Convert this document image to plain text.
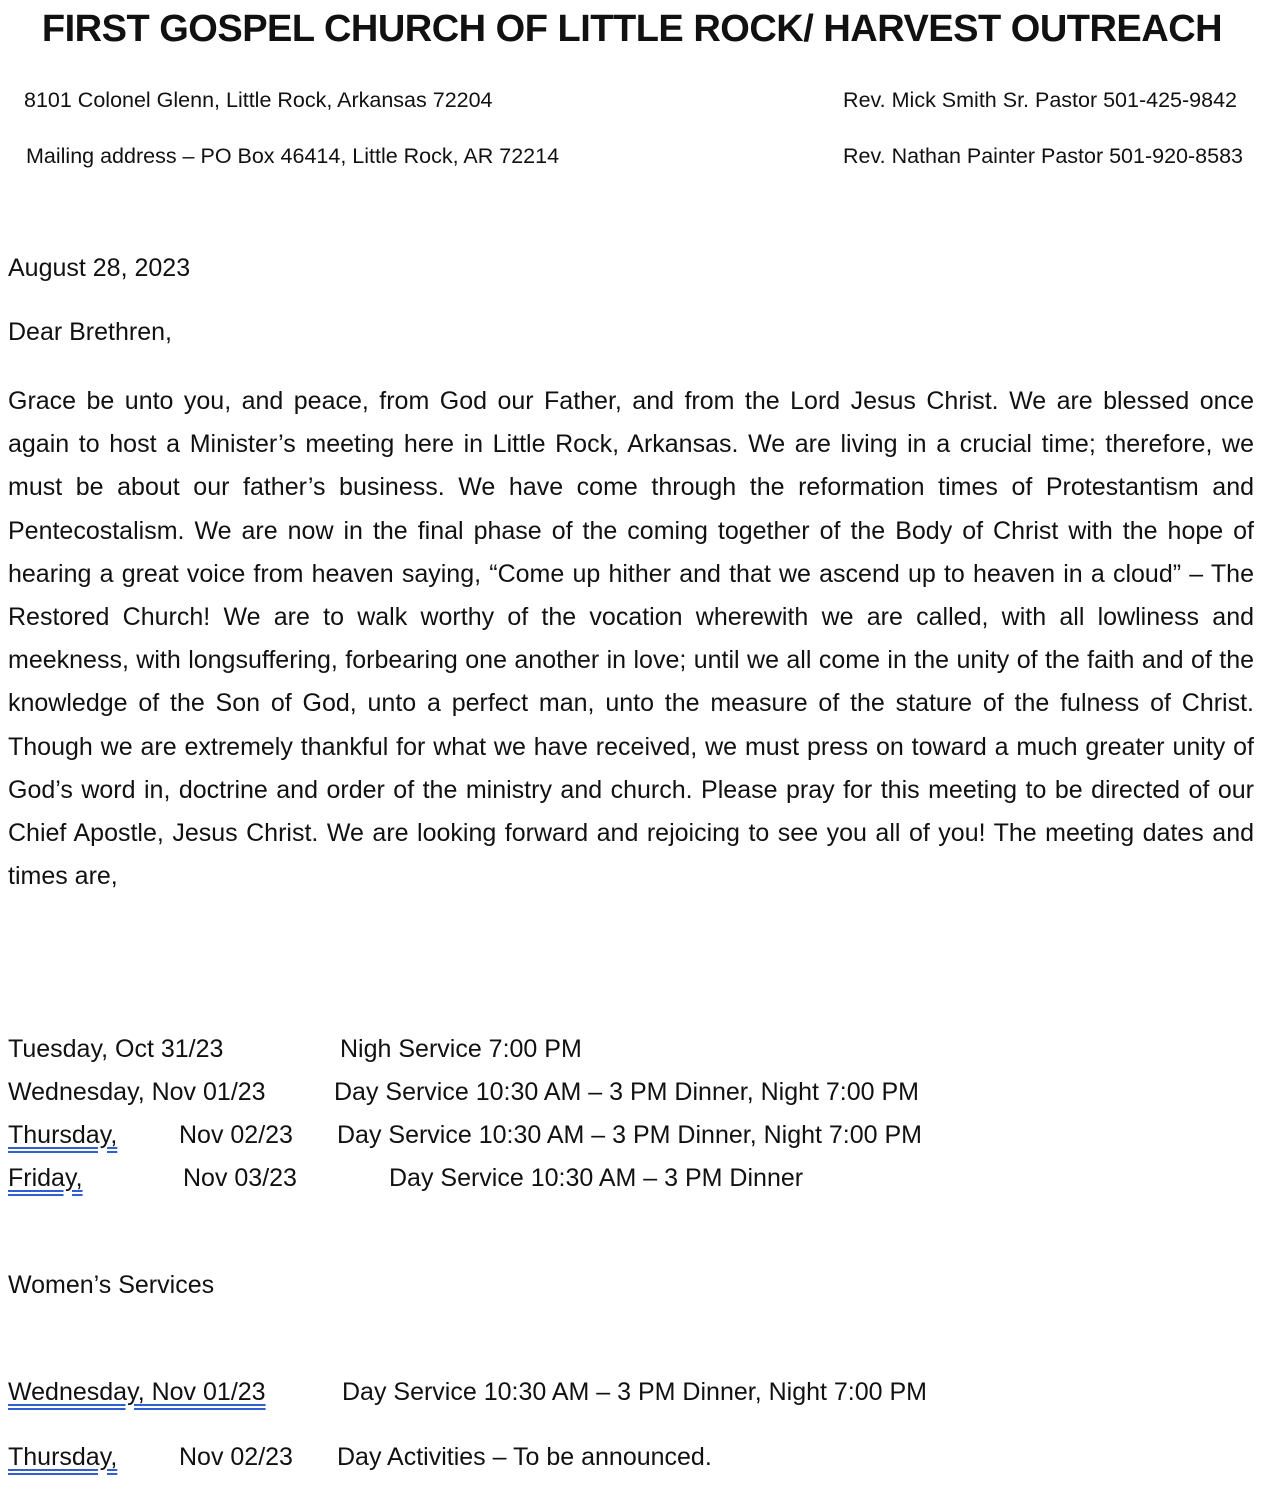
FIRST GOSPEL CHURCH OF LITTLE ROCK/ HARVEST OUTREACH
8101 Colonel Glenn, Little Rock, Arkansas 72204	Rev. Mick Smith Sr. Pastor 501-425-9842
Mailing address – PO Box 46414, Little Rock, AR 72214	Rev. Nathan Painter Pastor 501-920-8583
August 28, 2023
Dear Brethren,

Grace be unto you, and peace, from God our Father, and from the Lord Jesus Christ. We are blessed once again to host a Minister’s meeting here in Little Rock, Arkansas. We are living in a crucial time; therefore, we must be about our father’s business. We have come through the reformation times of Protestantism and Pentecostalism. We are now in the final phase of the coming together of the Body of Christ with the hope of hearing a great voice from heaven saying, “Come up hither and that we ascend up to heaven in a cloud” – The Restored Church! We are to walk worthy of the vocation wherewith we are called, with all lowliness and meekness, with longsuffering, forbearing one another in love; until we all come in the unity of the faith and of the knowledge of the Son of God, unto a perfect man, unto the measure of the stature of the fulness of Christ. Though we are extremely thankful for what we have received, we must press on toward a much greater unity of God’s word in, doctrine and order of the ministry and church. Please pray for this meeting to be directed of our Chief Apostle, Jesus Christ. We are looking forward and rejoicing to see you all of you! The meeting dates and times are,

Tuesday, Oct 31/23	Nigh Service 7:00 PM
Wednesday, Nov 01/23	Day Service 10:30 AM – 3 PM Dinner, Night 7:00 PM
Thursday, Nov 02/23 Day Service 10:30 AM – 3 PM Dinner, Night 7:00 PM
Friday,	Nov 03/23	Day Service 10:30 AM – 3 PM Dinner
Women’s Services
Wednesday, Nov 01/23	Day Service 10:30 AM – 3 PM Dinner, Night 7:00 PM
Thursday, Nov 02/23 Day Activities – To be announced.
